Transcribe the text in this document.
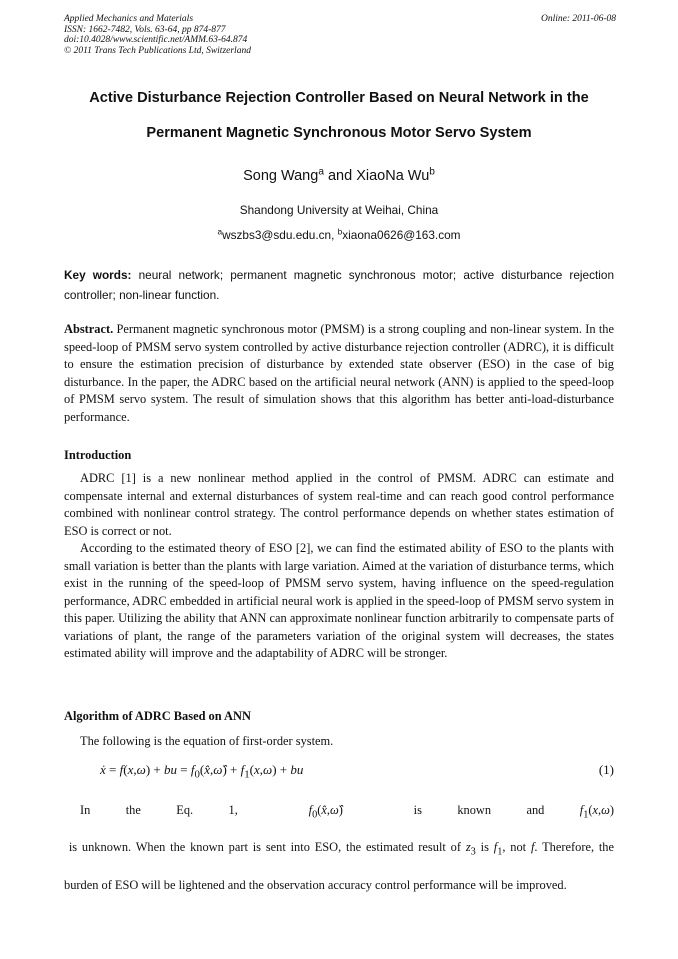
Applied Mechanics and Materials
ISSN: 1662-7482, Vols. 63-64, pp 874-877
doi:10.4028/www.scientific.net/AMM.63-64.874
© 2011 Trans Tech Publications Ltd, Switzerland
Online: 2011-06-08
Active Disturbance Rejection Controller Based on Neural Network in the
Permanent Magnetic Synchronous Motor Servo System
Song Wang$^a$ and XiaoNa Wu$^b$
Shandong University at Weihai, China
$^a$wszbs3@sdu.edu.cn, $^b$xiaona0626@163.com
Key words: neural network; permanent magnetic synchronous motor; active disturbance rejection controller; non-linear function.
Abstract. Permanent magnetic synchronous motor (PMSM) is a strong coupling and non-linear system. In the speed-loop of PMSM servo system controlled by active disturbance rejection controller (ADRC), it is difficult to ensure the estimation precision of disturbance by extended state observer (ESO) in the case of big disturbance. In the paper, the ADRC based on the artificial neural network (ANN) is applied to the speed-loop of PMSM servo system. The result of simulation shows that this algorithm has better anti-load-disturbance performance.
Introduction
ADRC [1] is a new nonlinear method applied in the control of PMSM. ADRC can estimate and compensate internal and external disturbances of system real-time and can reach good control performance combined with nonlinear control strategy. The control performance depends on whether states estimation of ESO is correct or not.
According to the estimated theory of ESO [2], we can find the estimated ability of ESO to the plants with small variation is better than the plants with large variation. Aimed at the variation of disturbance terms, which exist in the running of the speed-loop of PMSM servo system, having influence on the speed-regulation performance, ADRC embedded in artificial neural work is applied in the speed-loop of PMSM servo system in this paper. Utilizing the ability that ANN can approximate nonlinear function arbitrarily to compensate parts of variations of plant, the range of the parameters variation of the original system will decreases, the states estimated ability will improve and the adaptability of ADRC will be stronger.
Algorithm of ADRC Based on ANN
The following is the equation of first-order system.
ẋ = f(x,ω) + bu = $f_0(x̂,\omegâ) + f_1(x,\omega)$ + bu	(1)
In the Eq. 1,	$f_0(x̂,\omegâ)$  is known and $f_1(x,\omega)$ is unknown. When the known part is sent into ESO, the estimated result of $z_3$ is $f_1$, not f. Therefore, the burden of ESO will be lightened and the observation accuracy control performance will be improved.
